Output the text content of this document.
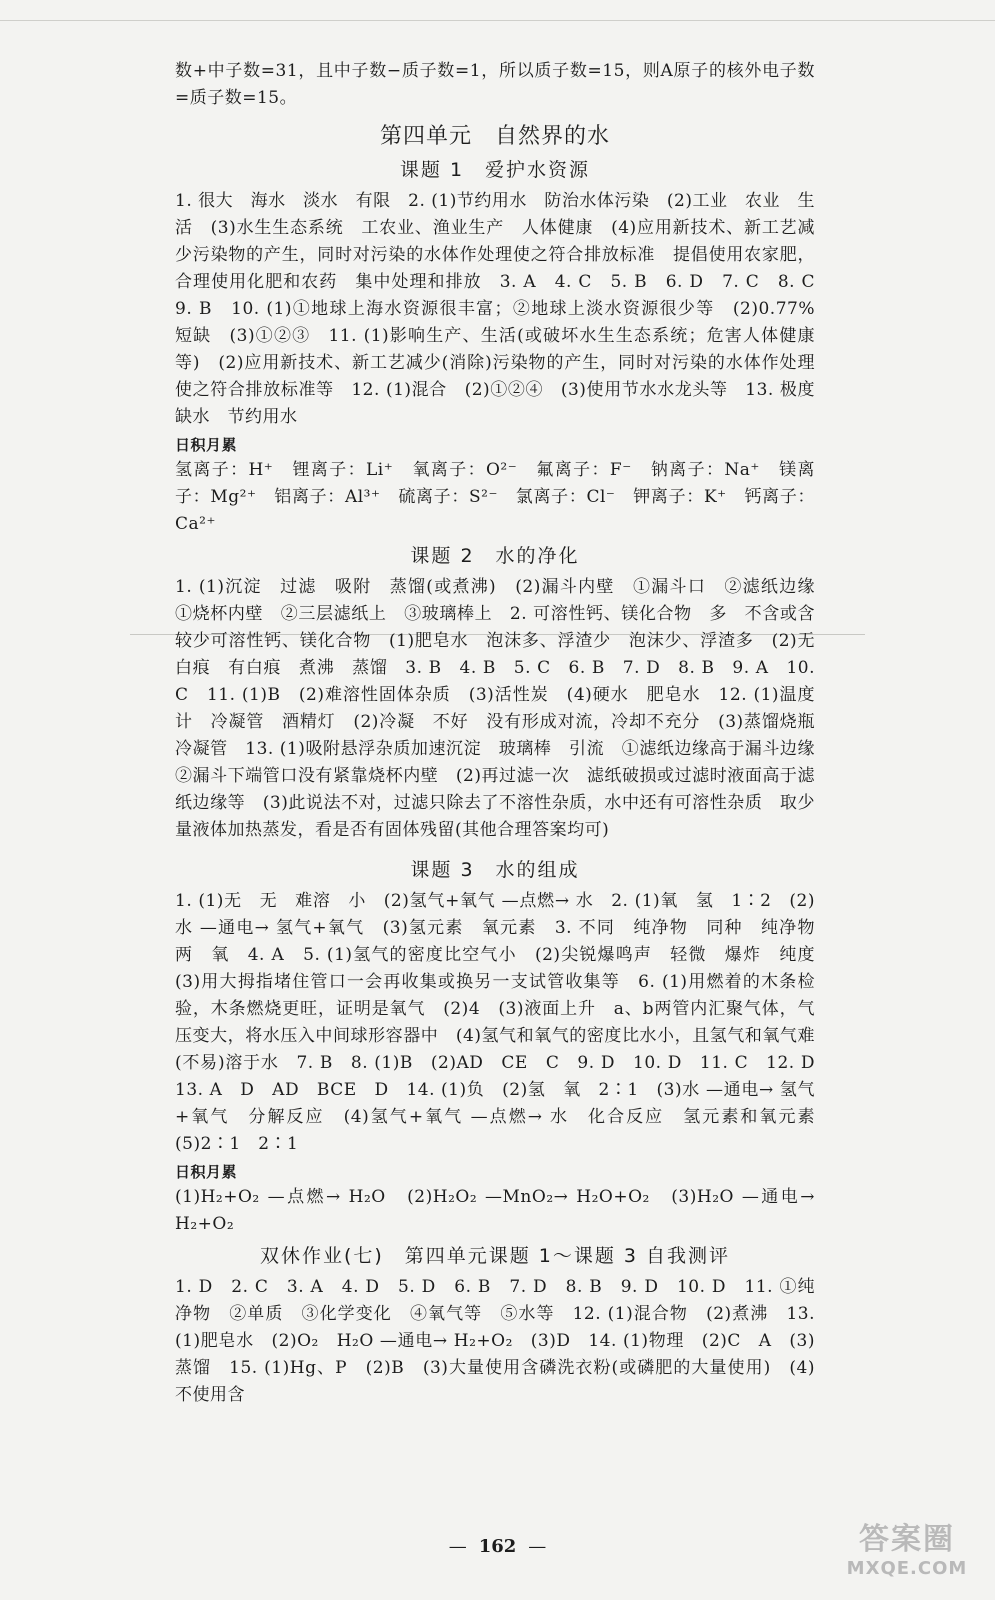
数+中子数=31，且中子数−质子数=1，所以质子数=15，则A原子的核外电子数=质子数=15。

第四单元　自然界的水
课题 1　爱护水资源

1. 很大　海水　淡水　有限　2. (1)节约用水　防治水体污染　(2)工业　农业　生活　(3)水生生态系统　工农业、渔业生产　人体健康　(4)应用新技术、新工艺减少污染物的产生，同时对污染的水体作处理使之符合排放标准　提倡使用农家肥，合理使用化肥和农药　集中处理和排放　3. A　4. C　5. B　6. D　7. C　8. C　9. B　10. (1)①地球上海水资源很丰富；②地球上淡水资源很少等　(2)0.77%　短缺　(3)①②③　11. (1)影响生产、生活(或破坏水生生态系统；危害人体健康等)　(2)应用新技术、新工艺减少(消除)污染物的产生，同时对污染的水体作处理使之符合排放标准等　12. (1)混合　(2)①②④　(3)使用节水水龙头等　13. 极度缺水　节约用水

日积月累

氢离子：H⁺　锂离子：Li⁺　氧离子：O²⁻　氟离子：F⁻　钠离子：Na⁺　镁离子：Mg²⁺　铝离子：Al³⁺　硫离子：S²⁻　氯离子：Cl⁻　钾离子：K⁺　钙离子：Ca²⁺

课题 2　水的净化

1. (1)沉淀　过滤　吸附　蒸馏(或煮沸)　(2)漏斗内壁　①漏斗口　②滤纸边缘　①烧杯内壁　②三层滤纸上　③玻璃棒上　2. 可溶性钙、镁化合物　多　不含或含较少可溶性钙、镁化合物　(1)肥皂水　泡沫多、浮渣少　泡沫少、浮渣多　(2)无白痕　有白痕　煮沸　蒸馏　3. B　4. B　5. C　6. B　7. D　8. B　9. A　10. C　11. (1)B　(2)难溶性固体杂质　(3)活性炭　(4)硬水　肥皂水　12. (1)温度计　冷凝管　酒精灯　(2)冷凝　不好　没有形成对流，冷却不充分　(3)蒸馏烧瓶　冷凝管　13. (1)吸附悬浮杂质加速沉淀　玻璃棒　引流　①滤纸边缘高于漏斗边缘　②漏斗下端管口没有紧靠烧杯内壁　(2)再过滤一次　滤纸破损或过滤时液面高于滤纸边缘等　(3)此说法不对，过滤只除去了不溶性杂质，水中还有可溶性杂质　取少量液体加热蒸发，看是否有固体残留(其他合理答案均可)

课题 3　水的组成

1. (1)无　无　难溶　小　(2)氢气+氧气 —点燃→ 水　2. (1)氧　氢　1∶2　(2)水 —通电→ 氢气+氧气　(3)氢元素　氧元素　3. 不同　纯净物　同种　纯净物　两　氧　4. A　5. (1)氢气的密度比空气小　(2)尖锐爆鸣声　轻微　爆炸　纯度　(3)用大拇指堵住管口一会再收集或换另一支试管收集等　6. (1)用燃着的木条检验，木条燃烧更旺，证明是氧气　(2)4　(3)液面上升　a、b两管内汇聚气体，气压变大，将水压入中间球形容器中　(4)氢气和氧气的密度比水小，且氢气和氧气难(不易)溶于水　7. B　8. (1)B　(2)AD　CE　C　9. D　10. D　11. C　12. D　13. A　D　AD　BCE　D　14. (1)负　(2)氢　氧　2∶1　(3)水 —通电→ 氢气+氧气　分解反应　(4)氢气+氧气 —点燃→ 水　化合反应　氢元素和氧元素　(5)2∶1　2∶1

日积月累

(1)H₂+O₂ —点燃→ H₂O　(2)H₂O₂ —MnO₂→ H₂O+O₂　(3)H₂O —通电→ H₂+O₂

双休作业(七)　第四单元课题 1～课题 3 自我测评

1. D　2. C　3. A　4. D　5. D　6. B　7. D　8. B　9. D　10. D　11. ①纯净物　②单质　③化学变化　④氧气等　⑤水等　12. (1)混合物　(2)煮沸　13. (1)肥皂水　(2)O₂　H₂O —通电→ H₂+O₂　(3)D　14. (1)物理　(2)C　A　(3)蒸馏　15. (1)Hg、P　(2)B　(3)大量使用含磷洗衣粉(或磷肥的大量使用)　(4)不使用含

— 162 —	答案圈
MXQE.COM
